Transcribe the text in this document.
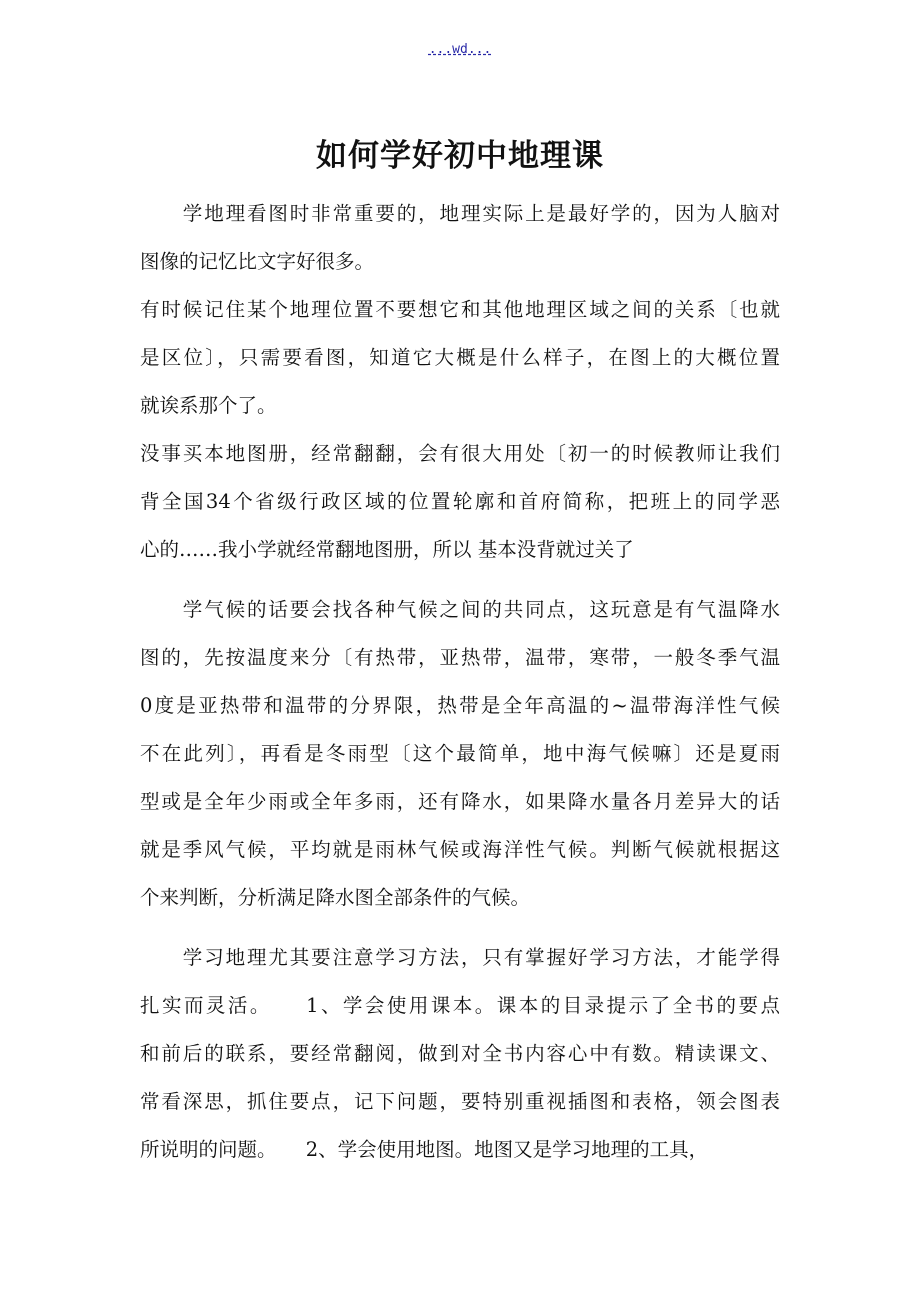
...wd...
如何学好初中地理课
　　学地理看图时非常重要的，地理实际上是最好学的，因为人脑对
图像的记忆比文字好很多。
有时候记住某个地理位置不要想它和其他地理区域之间的关系〔也就
是区位〕，只需要看图，知道它大概是什么样子，在图上的大概位置
就诶系那个了。
没事买本地图册，经常翻翻，会有很大用处〔初一的时候教师让我们
背全国34个省级行政区域的位置轮廓和首府简称，把班上的同学恶
心的……我小学就经常翻地图册，所以 基本没背就过关了
　　学气候的话要会找各种气候之间的共同点，这玩意是有气温降水
图的，先按温度来分〔有热带，亚热带，温带，寒带，一般冬季气温
0度是亚热带和温带的分界限，热带是全年高温的~温带海洋性气候
不在此列〕，再看是冬雨型〔这个最简单，地中海气候嘛〕还是夏雨
型或是全年少雨或全年多雨，还有降水，如果降水量各月差异大的话
就是季风气候，平均就是雨林气候或海洋性气候。判断气候就根据这
个来判断，分析满足降水图全部条件的气候。
　　学习地理尤其要注意学习方法，只有掌握好学习方法，才能学得
扎实而灵活。　　1、学会使用课本。课本的目录提示了全书的要点
和前后的联系，要经常翻阅，做到对全书内容心中有数。精读课文、
常看深思，抓住要点，记下问题，要特别重视插图和表格，领会图表
所说明的问题。　　2、学会使用地图。地图又是学习地理的工具，
